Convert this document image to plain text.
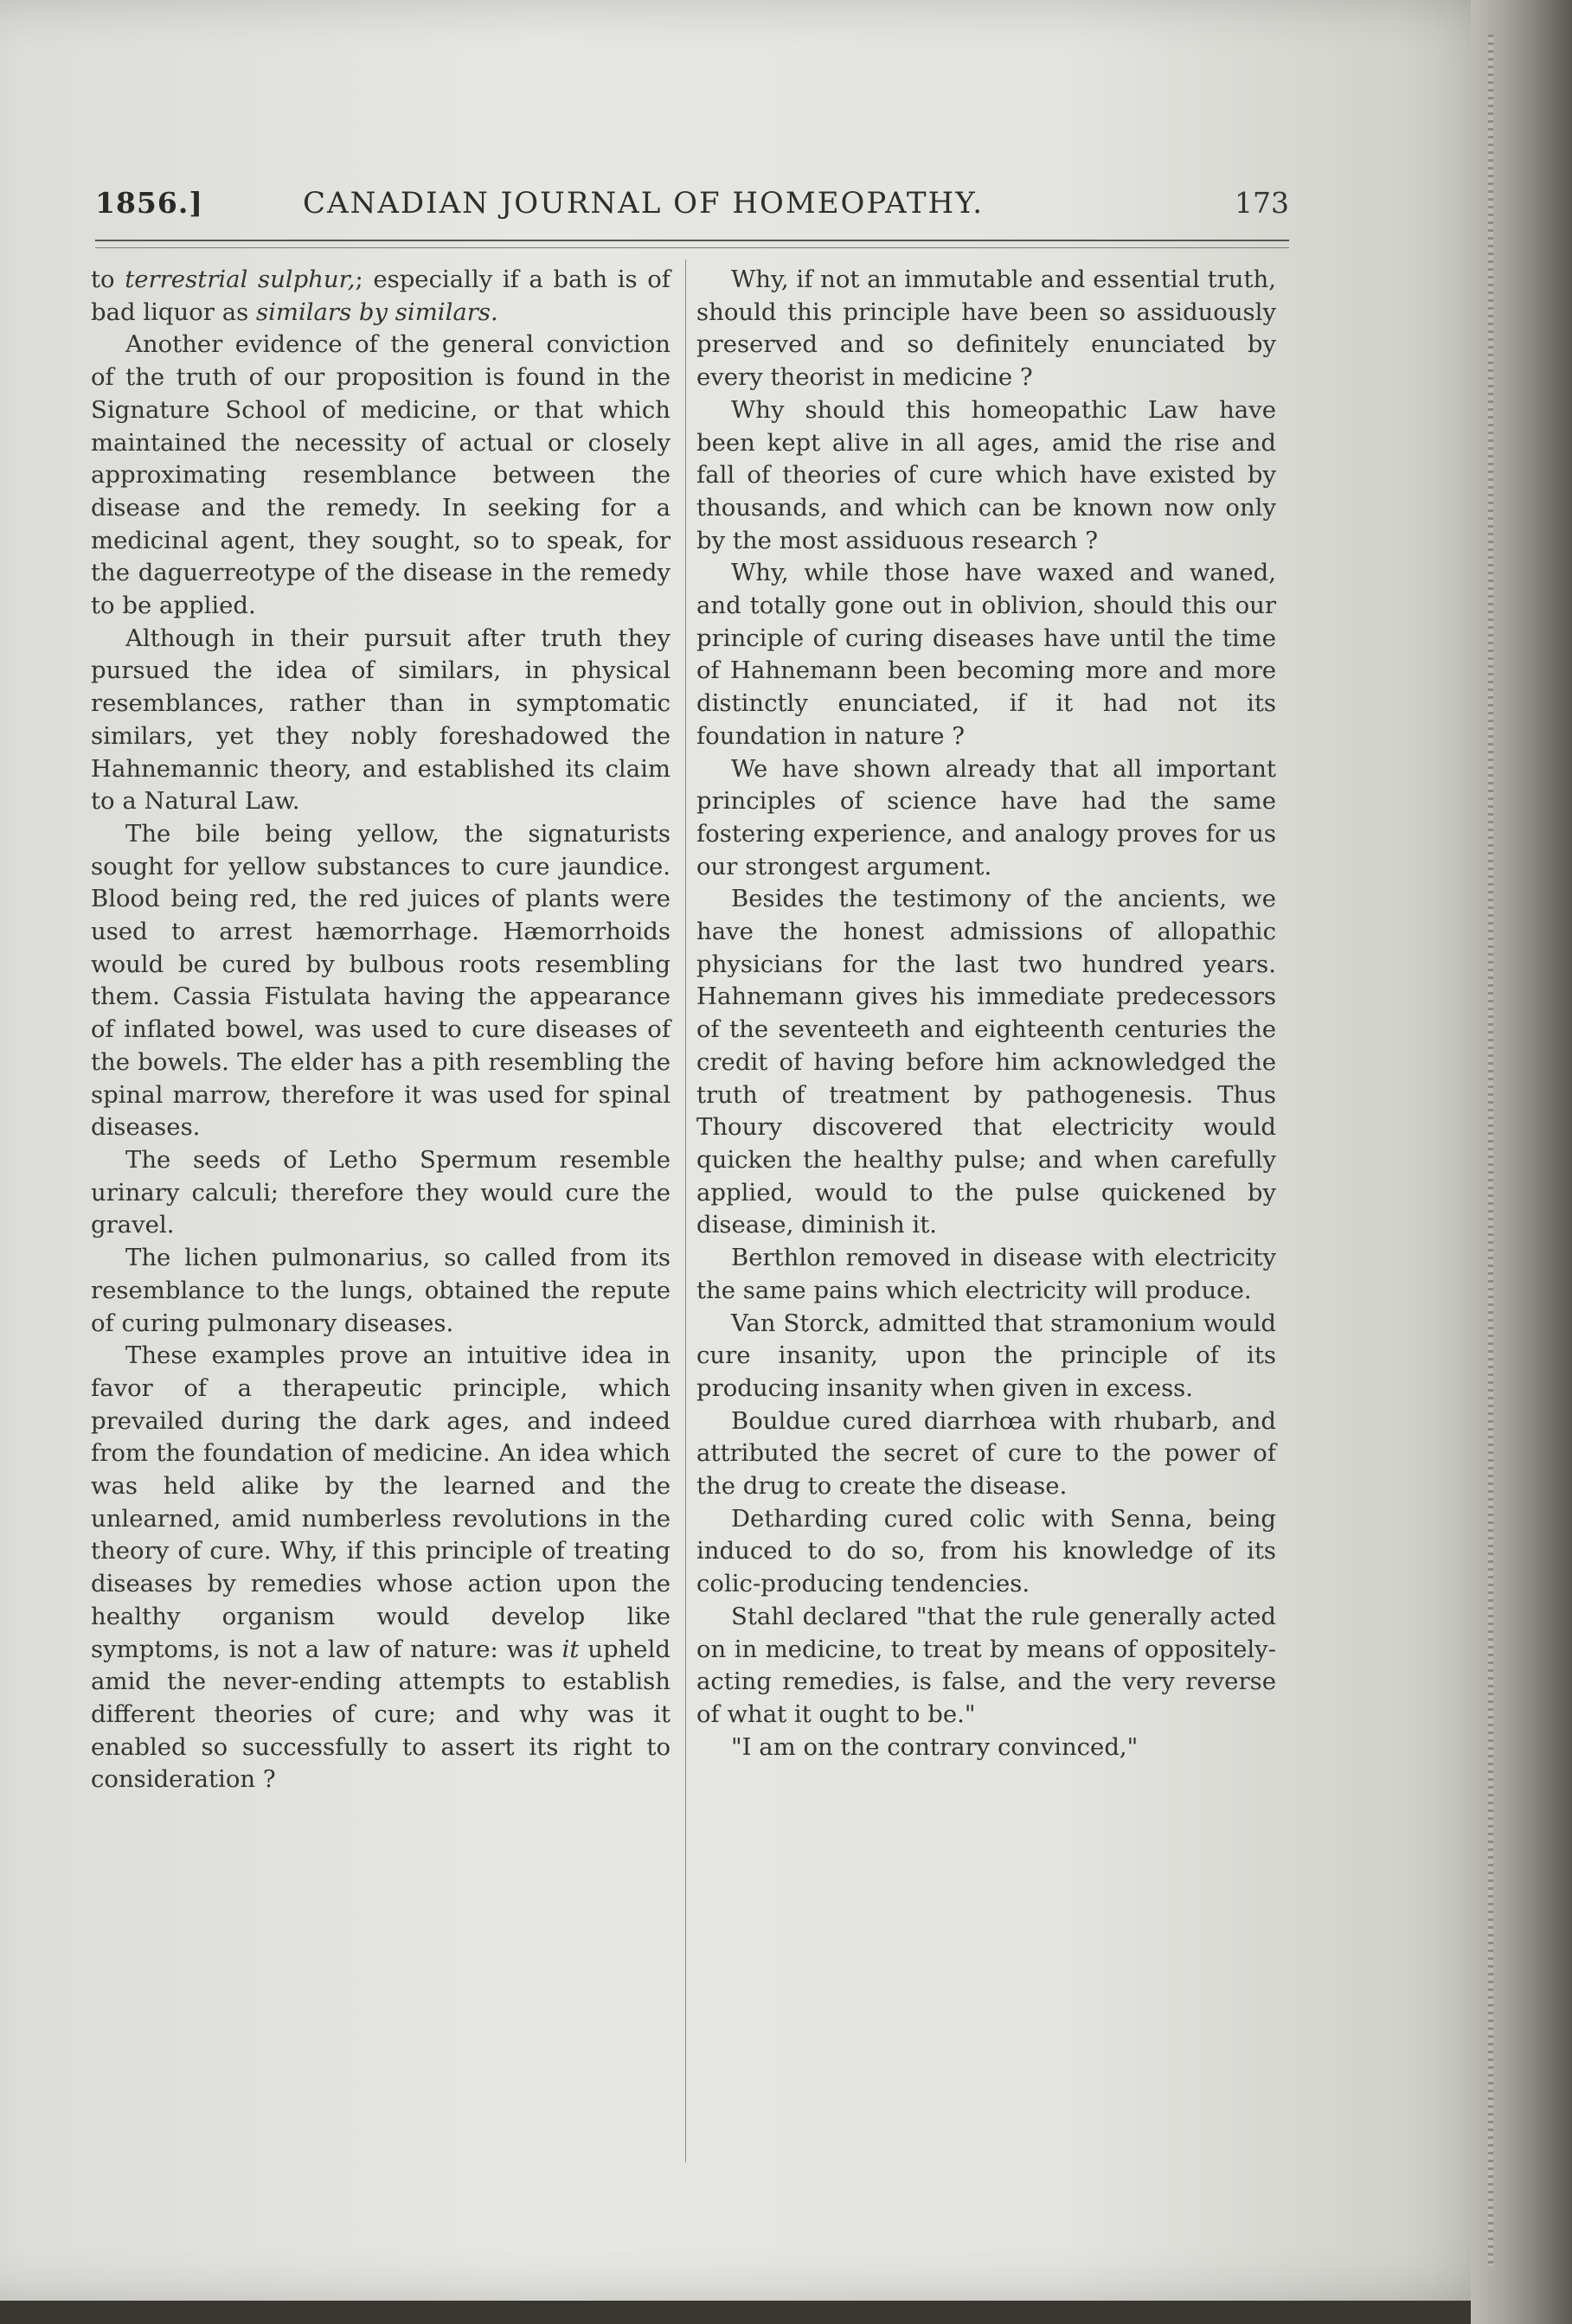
1856.]	CANADIAN JOURNAL OF HOMEOPATHY.	173

to terrestrial sulphur,; especially if a bath is of bad liquor as similars by similars.

Another evidence of the general conviction of the truth of our proposition is found in the Signature School of medicine, or that which maintained the necessity of actual or closely approximating resemblance between the disease and the remedy. In seeking for a medicinal agent, they sought, so to speak, for the daguerreotype of the disease in the remedy to be applied.

Although in their pursuit after truth they pursued the idea of similars, in physical resemblances, rather than in symptomatic similars, yet they nobly foreshadowed the Hahnemannic theory, and established its claim to a Natural Law.

The bile being yellow, the signaturists sought for yellow substances to cure jaundice. Blood being red, the red juices of plants were used to arrest hæmorrhage. Hæmorrhoids would be cured by bulbous roots resembling them. Cassia Fistulata having the appearance of inflated bowel, was used to cure diseases of the bowels. The elder has a pith resembling the spinal marrow, therefore it was used for spinal diseases.

The seeds of Letho Spermum resemble urinary calculi; therefore they would cure the gravel.

The lichen pulmonarius, so called from its resemblance to the lungs, obtained the repute of curing pulmonary diseases.

These examples prove an intuitive idea in favor of a therapeutic principle, which prevailed during the dark ages, and indeed from the foundation of medicine. An idea which was held alike by the learned and the unlearned, amid numberless revolutions in the theory of cure. Why, if this principle of treating diseases by remedies whose action upon the healthy organism would develop like symptoms, is not a law of nature: was it upheld amid the never-ending attempts to establish different theories of cure; and why was it enabled so successfully to assert its right to consideration ?

Why, if not an immutable and essential truth, should this principle have been so assiduously preserved and so definitely enunciated by every theorist in medicine ?

Why should this homeopathic Law have been kept alive in all ages, amid the rise and fall of theories of cure which have existed by thousands, and which can be known now only by the most assiduous research ?

Why, while those have waxed and waned, and totally gone out in oblivion, should this our principle of curing diseases have until the time of Hahnemann been becoming more and more distinctly enunciated, if it had not its foundation in nature ?

We have shown already that all important principles of science have had the same fostering experience, and analogy proves for us our strongest argument.

Besides the testimony of the ancients, we have the honest admissions of allopathic physicians for the last two hundred years. Hahnemann gives his immediate predecessors of the seventeeth and eighteenth centuries the credit of having before him acknowledged the truth of treatment by pathogenesis. Thus Thoury discovered that electricity would quicken the healthy pulse; and when carefully applied, would to the pulse quickened by disease, diminish it.

Berthlon removed in disease with electricity the same pains which electricity will produce.

Van Storck, admitted that stramonium would cure insanity, upon the principle of its producing insanity when given in excess.

Bouldue cured diarrhœa with rhubarb, and attributed the secret of cure to the power of the drug to create the disease.

Detharding cured colic with Senna, being induced to do so, from his knowledge of its colic-producing tendencies.

Stahl declared "that the rule generally acted on in medicine, to treat by means of oppositely-acting remedies, is false, and the very reverse of what it ought to be."

"I am on the contrary convinced,"
